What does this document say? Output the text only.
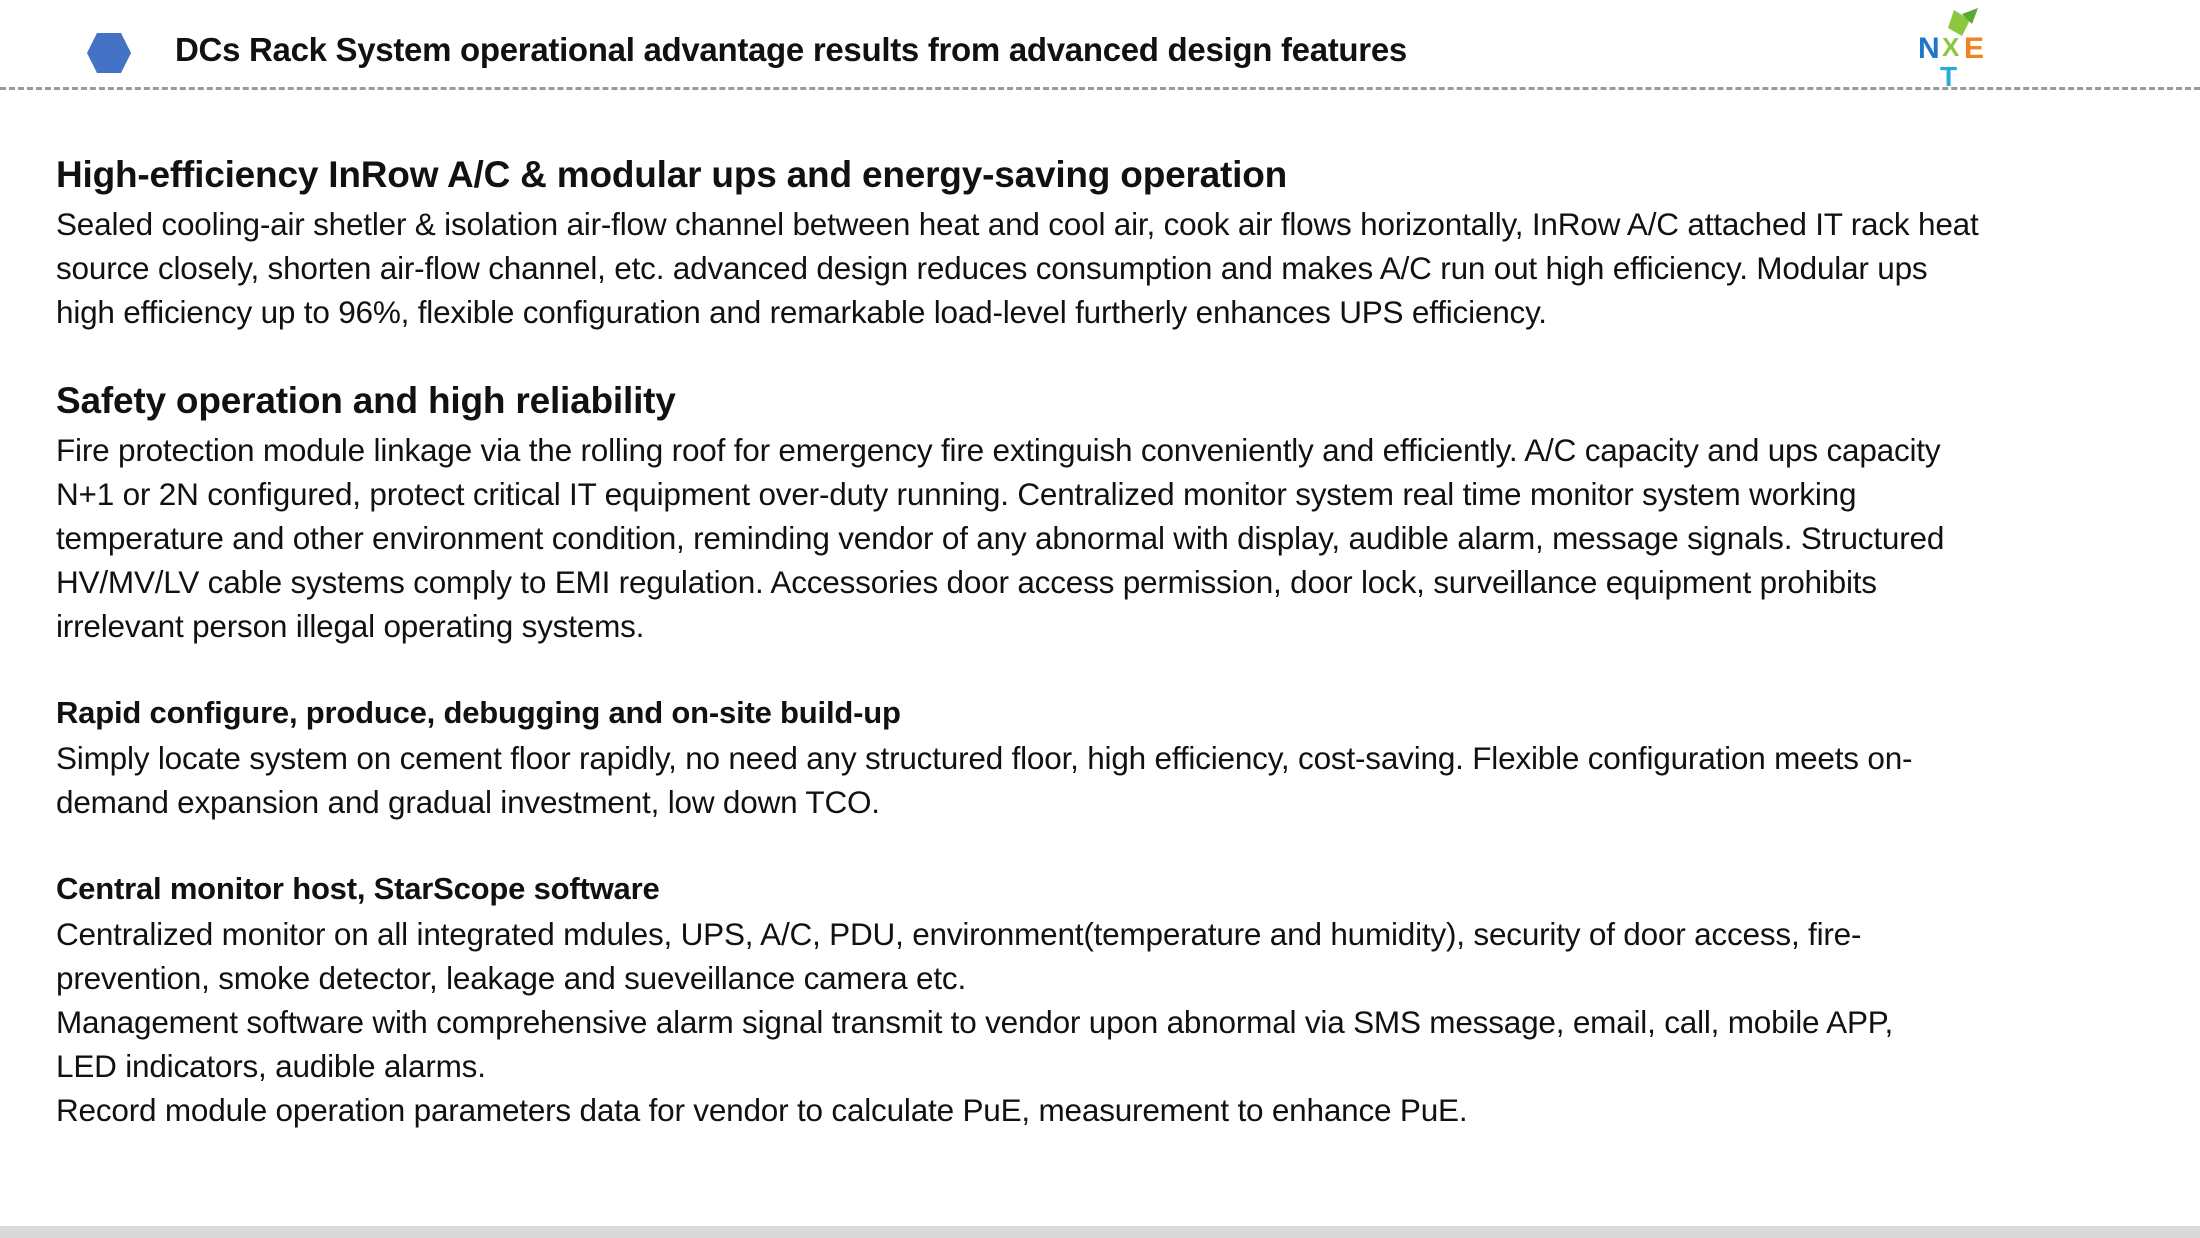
DCs Rack System operational advantage results from advanced design features	N X E
T
High-efficiency InRow A/C & modular ups and energy-saving operation

Sealed cooling-air shetler & isolation air-flow channel between heat and cool air, cook air flows horizontally, InRow A/C attached IT rack heat

source closely, shorten air-flow channel, etc. advanced design reduces consumption and makes A/C run out high efficiency. Modular ups

high efficiency up to 96%, flexible configuration and remarkable load-level furtherly enhances UPS efficiency.

Safety operation and high reliability

Fire protection module linkage via the rolling roof for emergency fire extinguish conveniently and efficiently. A/C capacity and ups capacity

N+1 or 2N configured, protect critical IT equipment over-duty running. Centralized monitor system real time monitor system working

temperature and other environment condition, reminding vendor of any abnormal with display, audible alarm, message signals. Structured

HV/MV/LV cable systems comply to EMI regulation. Accessories door access permission, door lock, surveillance equipment prohibits

irrelevant person illegal operating systems.

Rapid configure, produce, debugging and on-site build-up

Simply locate system on cement floor rapidly, no need any structured floor, high efficiency, cost-saving. Flexible configuration meets on-

demand expansion and gradual investment, low down TCO.

Central monitor host, StarScope software

Centralized monitor on all integrated mdules, UPS, A/C, PDU, environment(temperature and humidity), security of door access, fire-

prevention, smoke detector, leakage and sueveillance camera etc.

Management software with comprehensive alarm signal transmit to vendor upon abnormal via SMS message, email, call, mobile APP,

LED indicators, audible alarms.

Record module operation parameters data for vendor to calculate PuE, measurement to enhance PuE.
